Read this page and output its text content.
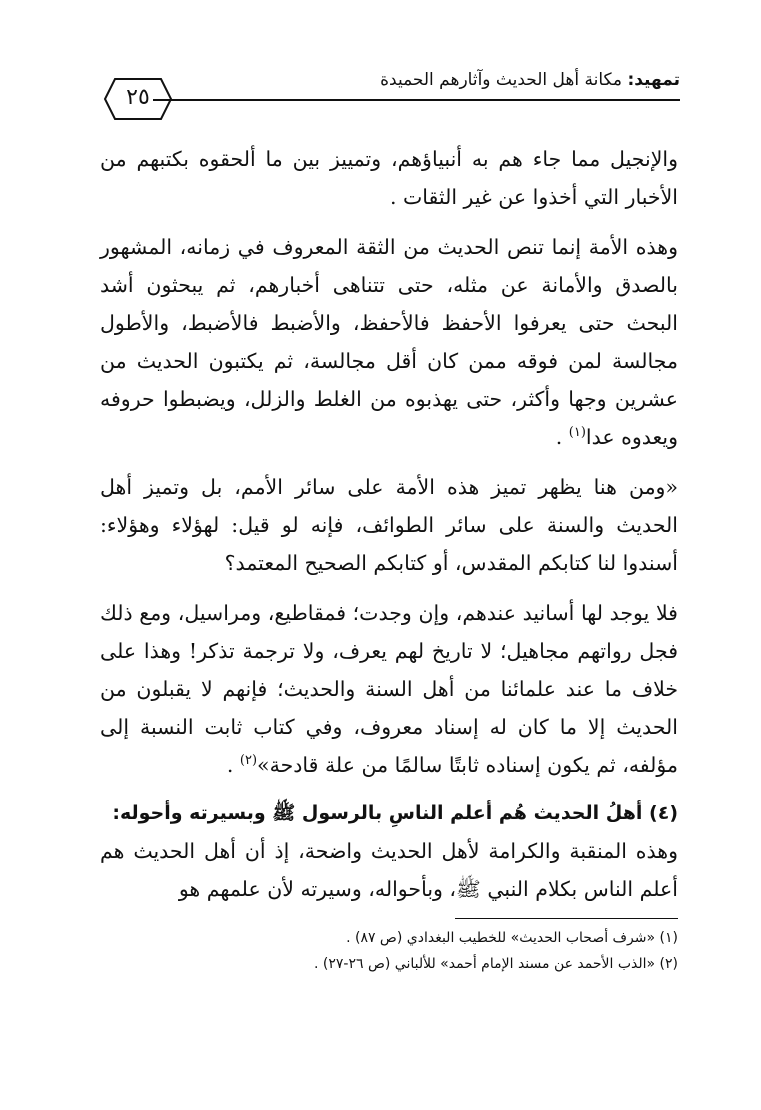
تمهيد: مكانة أهل الحديث وآثارهم الحميدة
٢٥

والإنجيل مما جاء هم به أنبياؤهم، وتمييز بين ما ألحقوه بكتبهم من الأخبار التي أخذوا عن غير الثقات .

وهذه الأمة إنما تنص الحديث من الثقة المعروف في زمانه، المشهور بالصدق والأمانة عن مثله، حتى تتناهى أخبارهم، ثم يبحثون أشد البحث حتى يعرفوا الأحفظ فالأحفظ، والأضبط فالأضبط، والأطول مجالسة لمن فوقه ممن كان أقل مجالسة، ثم يكتبون الحديث من عشرين وجها وأكثر، حتى يهذبوه من الغلط والزلل، ويضبطوا حروفه ويعدوه عدا$^{(١)}$ .

«ومن هنا يظهر تميز هذه الأمة على سائر الأمم، بل وتميز أهل الحديث والسنة على سائر الطوائف، فإنه لو قيل: لهؤلاء وهؤلاء: أسندوا لنا كتابكم المقدس، أو كتابكم الصحيح المعتمد؟

فلا يوجد لها أسانيد عندهم، وإن وجدت؛ فمقاطيع، ومراسيل، ومع ذلك فجل رواتهم مجاهيل؛ لا تاريخ لهم يعرف، ولا ترجمة تذكر! وهذا على خلاف ما عند علمائنا من أهل السنة والحديث؛ فإنهم لا يقبلون من الحديث إلا ما كان له إسناد معروف، وفي كتاب ثابت النسبة إلى مؤلفه، ثم يكون إسناده ثابتًا سالمًا من علة قادحة»$^{(٢)}$ .

(٤) أهلُ الحديث هُم أعلم الناسِ بالرسول ﷺ وبسيرته وأحوله:

وهذه المنقبة والكرامة لأهل الحديث واضحة، إذ أن أهل الحديث هم أعلم الناس بكلام النبي ﷺ، وبأحواله، وسيرته لأن علمهم هو

(١) «شرف أصحاب الحديث» للخطيب البغدادي (ص ٨٧) .
(٢) «الذب الأحمد عن مسند الإمام أحمد» للألباني (ص ٢٦-٢٧) .
